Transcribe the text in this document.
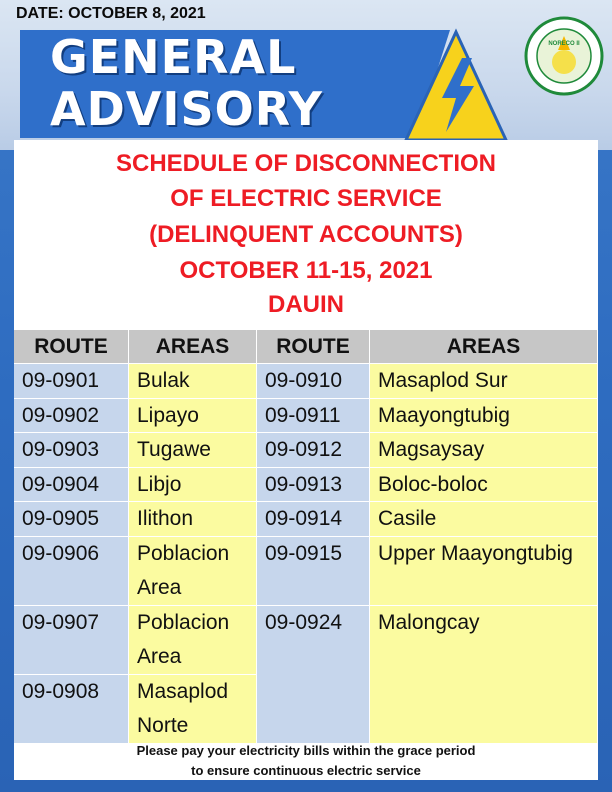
DATE: OCTOBER 8, 2021
GENERAL
ADVISORY
NORECO II
SCHEDULE OF DISCONNECTION
OF ELECTRIC SERVICE
(DELINQUENT ACCOUNTS)
OCTOBER 11-15, 2021
DAUIN
ROUTE	AREAS	ROUTE	AREAS
09-0901	Bulak
09-0902	Lipayo
09-0903	Tugawe
09-0904	Libjo
09-0905	Ilithon
09-0906	Poblacion Area
09-0907	Poblacion Area
09-0908	Masaplod Norte
09-0910	Masaplod Sur
09-0911	Maayongtubig
09-0912	Magsaysay
09-0913	Boloc-boloc
09-0914	Casile
09-0915	Upper Maayongtubig
09-0924	Malongcay
Please pay your electricity bills within the grace period
to ensure continuous electric service
